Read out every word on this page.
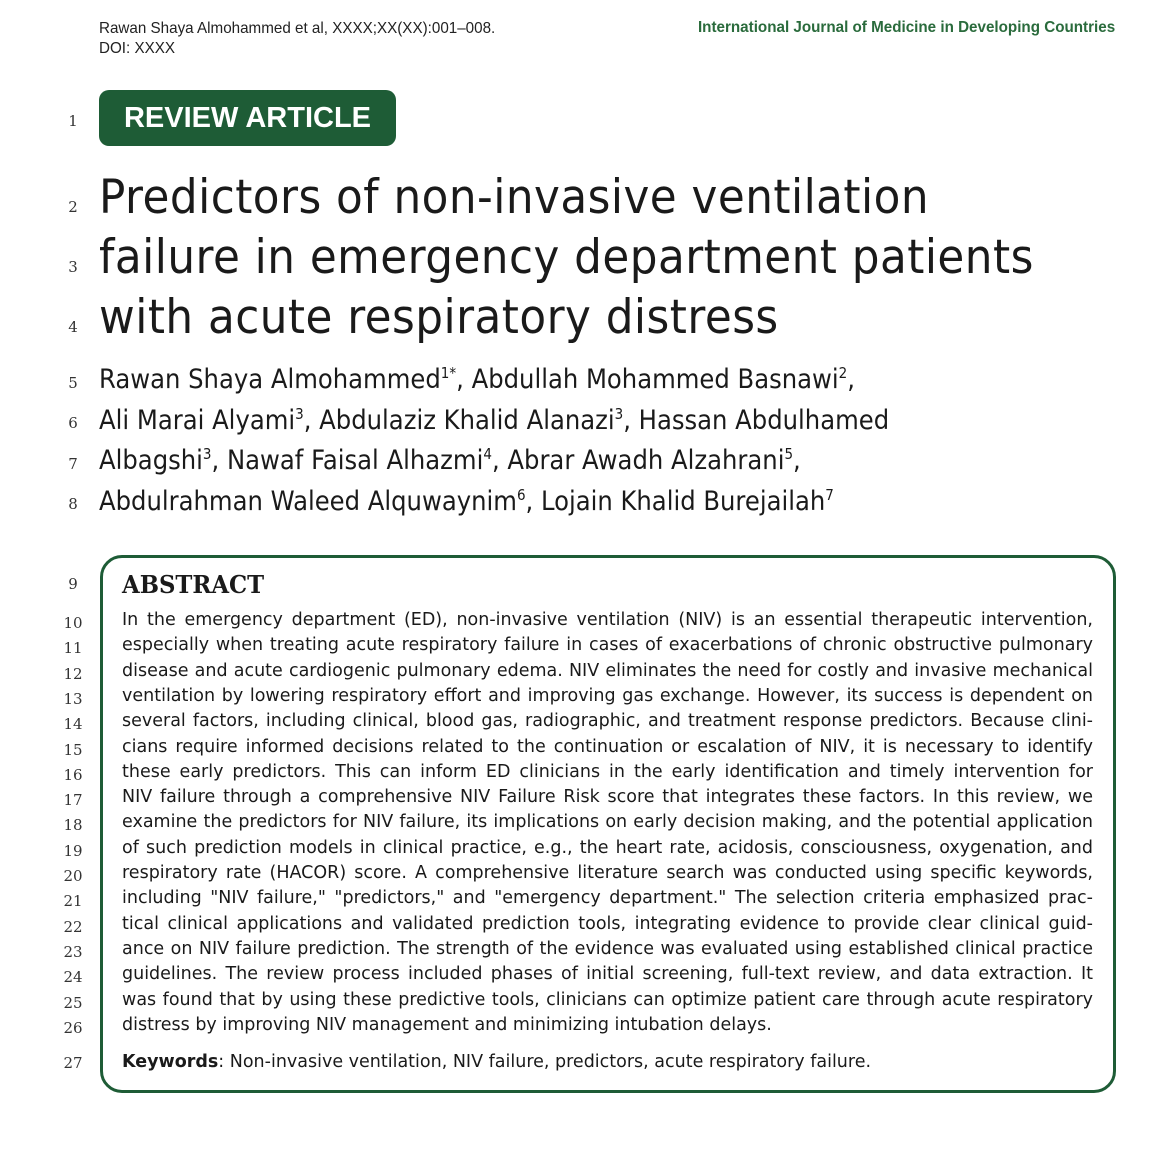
Rawan Shaya Almohammed et al, XXXX;XX(XX):001–008.
DOI: XXXX
International Journal of Medicine in Developing Countries
1
2
3
4
5
6
7
8
9
10
11
12
13
14
15
16
17
18
19
20
21
22
23
24
25
26
27
REVIEW ARTICLE
Predictors of non-invasive ventilation
failure in emergency department patients
with acute respiratory distress
Rawan Shaya Almohammed$^{1*}$, Abdullah Mohammed Basnawi$^2$,
Ali Marai Alyami$^3$, Abdulaziz Khalid Alanazi$^3$, Hassan Abdulhamed
Albagshi$^3$, Nawaf Faisal Alhazmi$^4$, Abrar Awadh Alzahrani$^5$,
Abdulrahman Waleed Alquwaynim$^6$, Lojain Khalid Burejailah$^7$
ABSTRACT
In the emergency department (ED), non-invasive ventilation (NIV) is an essential therapeutic intervention,
especially when treating acute respiratory failure in cases of exacerbations of chronic obstructive pulmonary
disease and acute cardiogenic pulmonary edema. NIV eliminates the need for costly and invasive mechanical
ventilation by lowering respiratory effort and improving gas exchange. However, its success is dependent on
several factors, including clinical, blood gas, radiographic, and treatment response predictors. Because clini-
cians require informed decisions related to the continuation or escalation of NIV, it is necessary to identify
these early predictors. This can inform ED clinicians in the early identification and timely intervention for
NIV failure through a comprehensive NIV Failure Risk score that integrates these factors. In this review, we
examine the predictors for NIV failure, its implications on early decision making, and the potential application
of such prediction models in clinical practice, e.g., the heart rate, acidosis, consciousness, oxygenation, and
respiratory rate (HACOR) score. A comprehensive literature search was conducted using specific keywords,
including "NIV failure," "predictors," and "emergency department." The selection criteria emphasized prac-
tical clinical applications and validated prediction tools, integrating evidence to provide clear clinical guid-
ance on NIV failure prediction. The strength of the evidence was evaluated using established clinical practice
guidelines. The review process included phases of initial screening, full-text review, and data extraction. It
was found that by using these predictive tools, clinicians can optimize patient care through acute respiratory
distress by improving NIV management and minimizing intubation delays.
Keywords: Non-invasive ventilation, NIV failure, predictors, acute respiratory failure.
